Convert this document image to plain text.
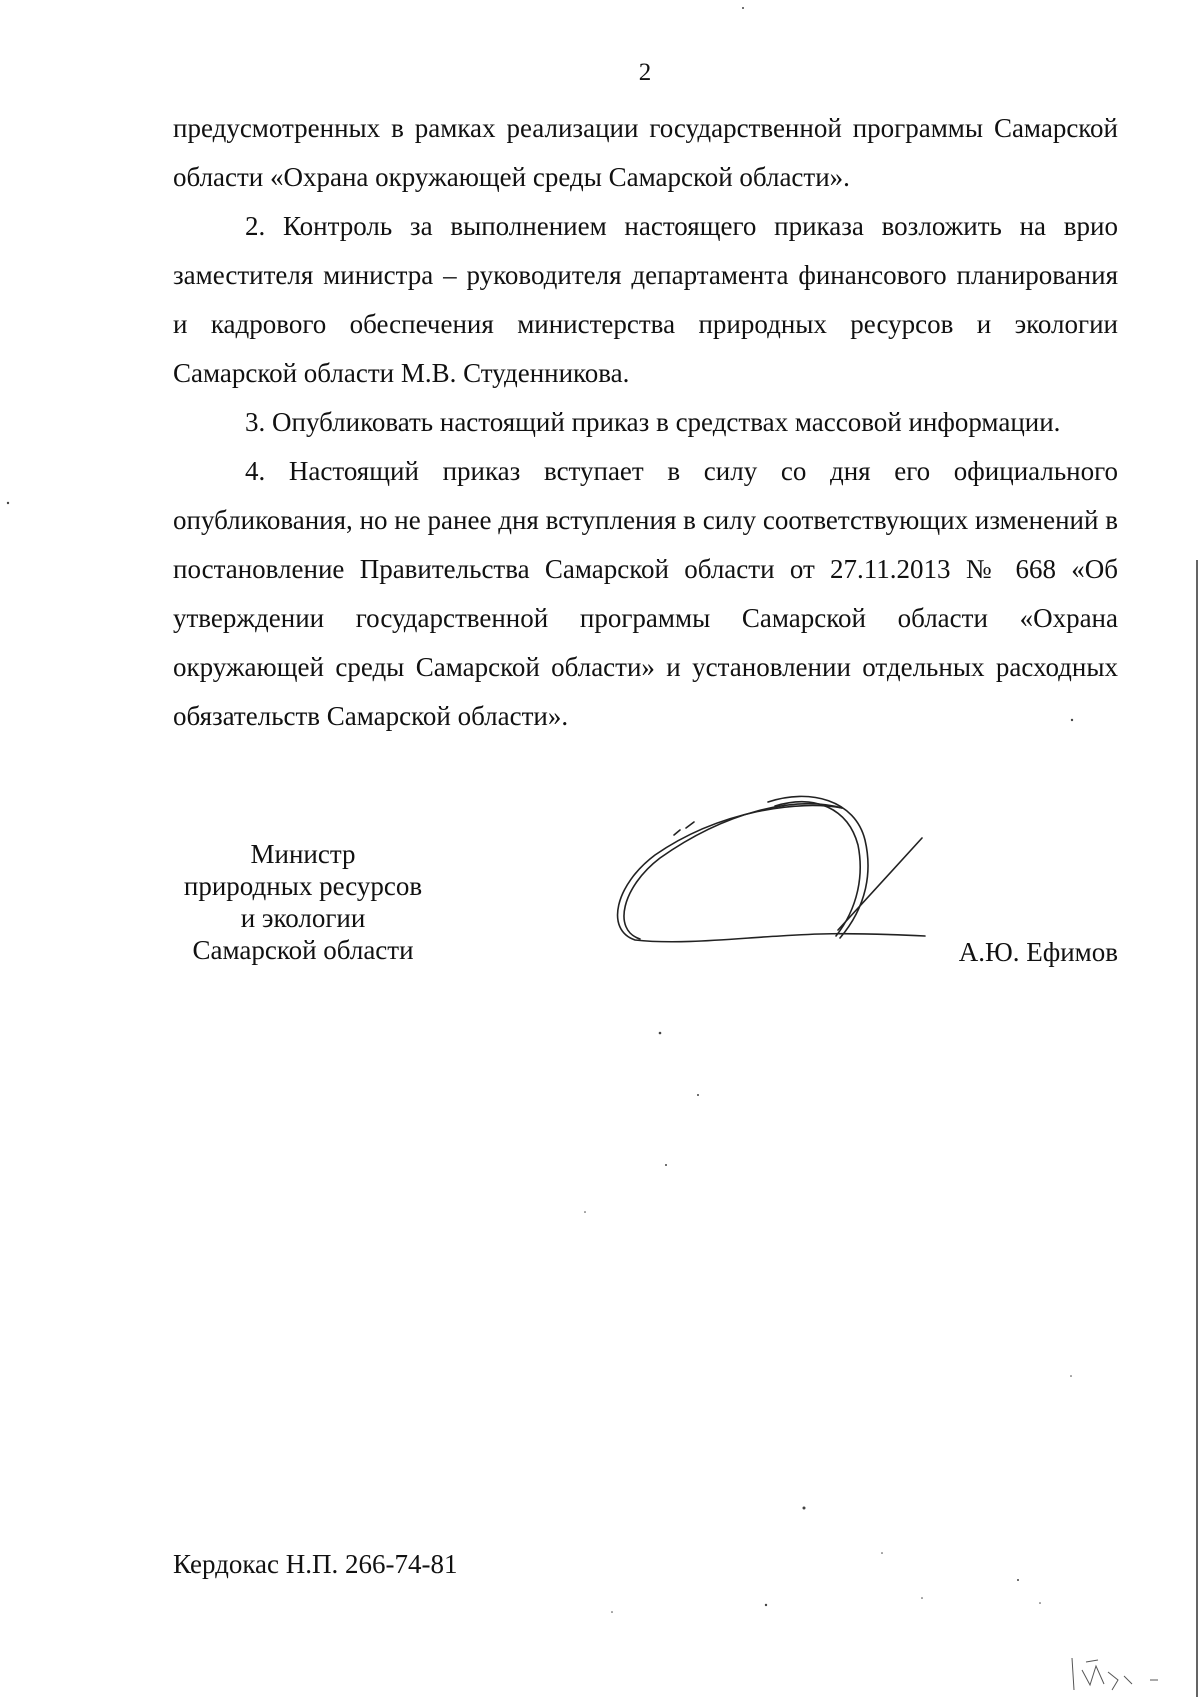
2

предусмотренных в рамках реализации государственной программы Самарской области «Охрана окружающей среды Самарской области».

2. Контроль за выполнением настоящего приказа возложить на врио заместителя министра – руководителя департамента финансового планирования и кадрового обеспечения министерства природных ресурсов и экологии Самарской области М.В. Студенникова.

3. Опубликовать настоящий приказ в средствах массовой информации.

4. Настоящий приказ вступает в силу со дня его официального опубликования, но не ранее дня вступления в силу соответствующих изменений в постановление Правительства Самарской области от 27.11.2013 № 668 «Об утверждении государственной программы Самарской области «Охрана окружающей среды Самарской области» и установлении отдельных расходных обязательств Самарской области».

Министр
природных ресурсов
и экологии
Самарской области	А.Ю. Ефимов
Кердокас Н.П. 266-74-81
